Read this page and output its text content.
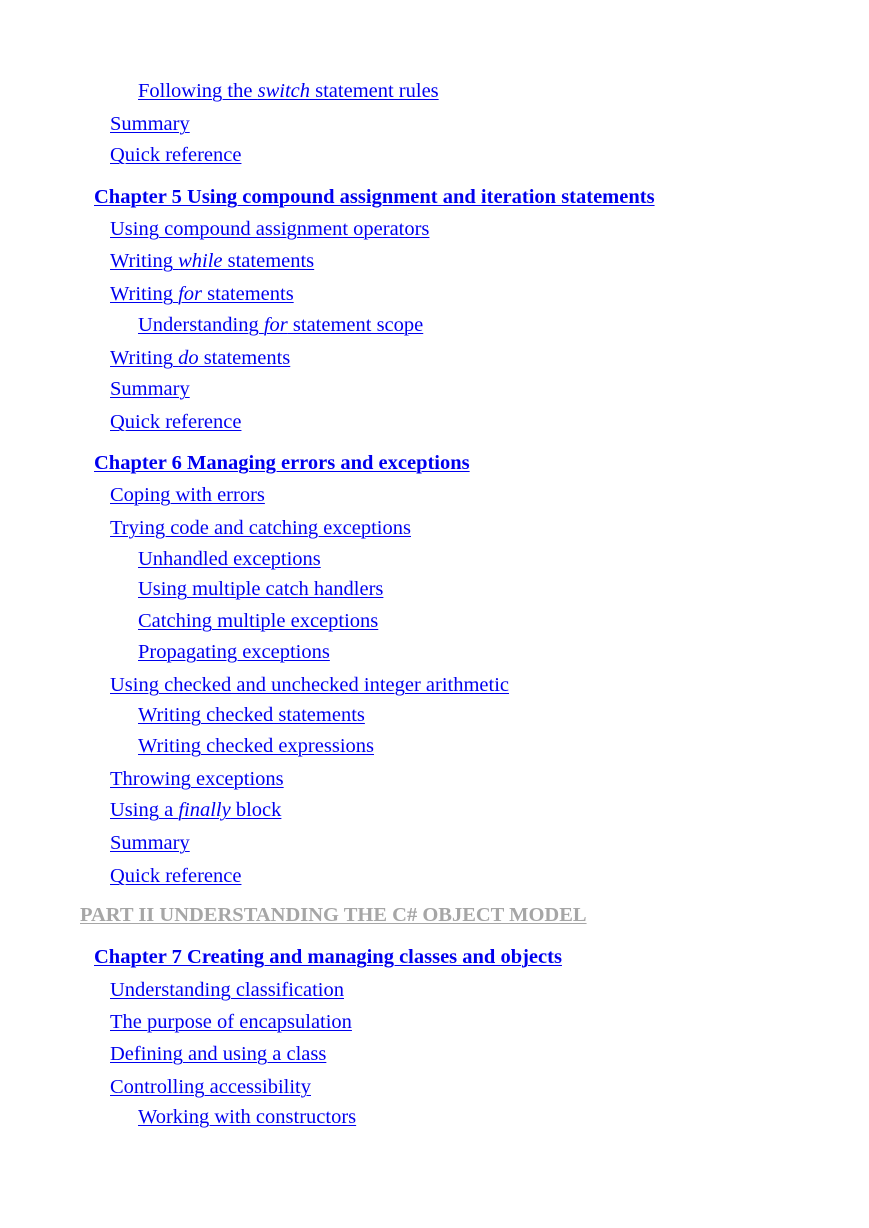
Following the switch statement rules
Summary
Quick reference
Chapter 5 Using compound assignment and iteration statements
Using compound assignment operators
Writing while statements
Writing for statements
Understanding for statement scope
Writing do statements
Summary
Quick reference
Chapter 6 Managing errors and exceptions
Coping with errors
Trying code and catching exceptions
Unhandled exceptions
Using multiple catch handlers
Catching multiple exceptions
Propagating exceptions
Using checked and unchecked integer arithmetic
Writing checked statements
Writing checked expressions
Throwing exceptions
Using a finally block
Summary
Quick reference
PART II UNDERSTANDING THE C# OBJECT MODEL
Chapter 7 Creating and managing classes and objects
Understanding classification
The purpose of encapsulation
Defining and using a class
Controlling accessibility
Working with constructors
